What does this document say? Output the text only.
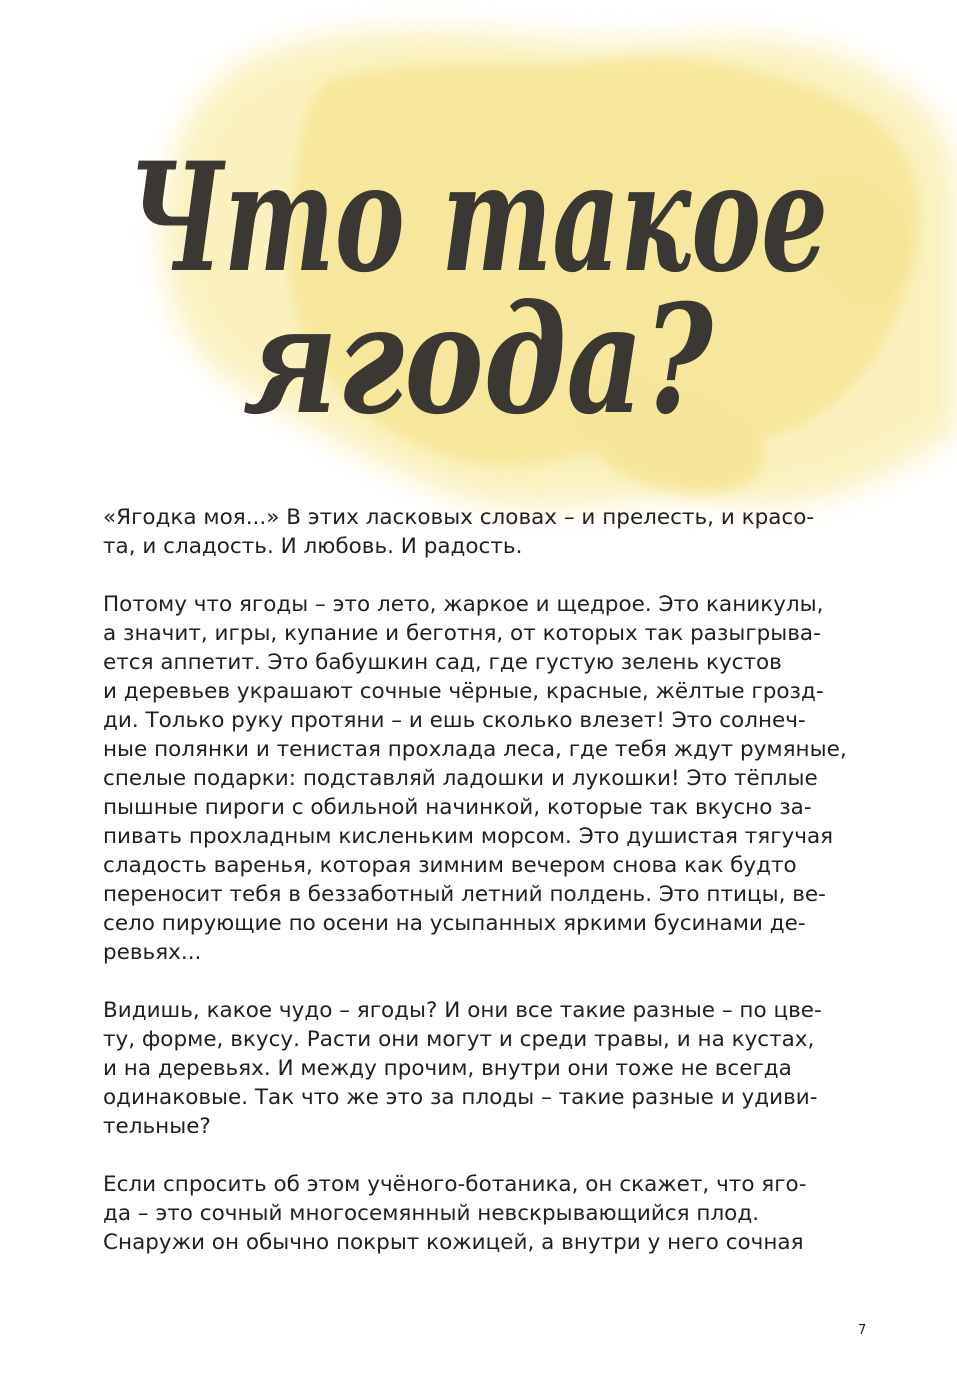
Что такое
ягода?
«Ягодка моя...» В этих ласковых словах – и прелесть, и красо-
та, и сладость. И любовь. И радость.
Потому что ягоды – это лето, жаркое и щедрое. Это каникулы,
а значит, игры, купание и беготня, от которых так разыгрыва-
ется аппетит. Это бабушкин сад, где густую зелень кустов
и деревьев украшают сочные чёрные, красные, жёлтые грозд-
ди. Только руку протяни – и ешь сколько влезет! Это солнеч-
ные полянки и тенистая прохлада леса, где тебя ждут румяные,
спелые подарки: подставляй ладошки и лукошки! Это тёплые
пышные пироги с обильной начинкой, которые так вкусно за-
пивать прохладным кисленьким морсом. Это душистая тягучая
сладость варенья, которая зимним вечером снова как будто
переносит тебя в беззаботный летний полдень. Это птицы, ве-
село пирующие по осени на усыпанных яркими бусинами де-
ревьях...
Видишь, какое чудо – ягоды? И они все такие разные – по цве-
ту, форме, вкусу. Расти они могут и среди травы, и на кустах,
и на деревьях. И между прочим, внутри они тоже не всегда
одинаковые. Так что же это за плоды – такие разные и удиви-
тельные?
Если спросить об этом учёного-ботаника, он скажет, что яго-
да – это сочный многосемянный невскрывающийся плод.
Снаружи он обычно покрыт кожицей, а внутри у него сочная
7
